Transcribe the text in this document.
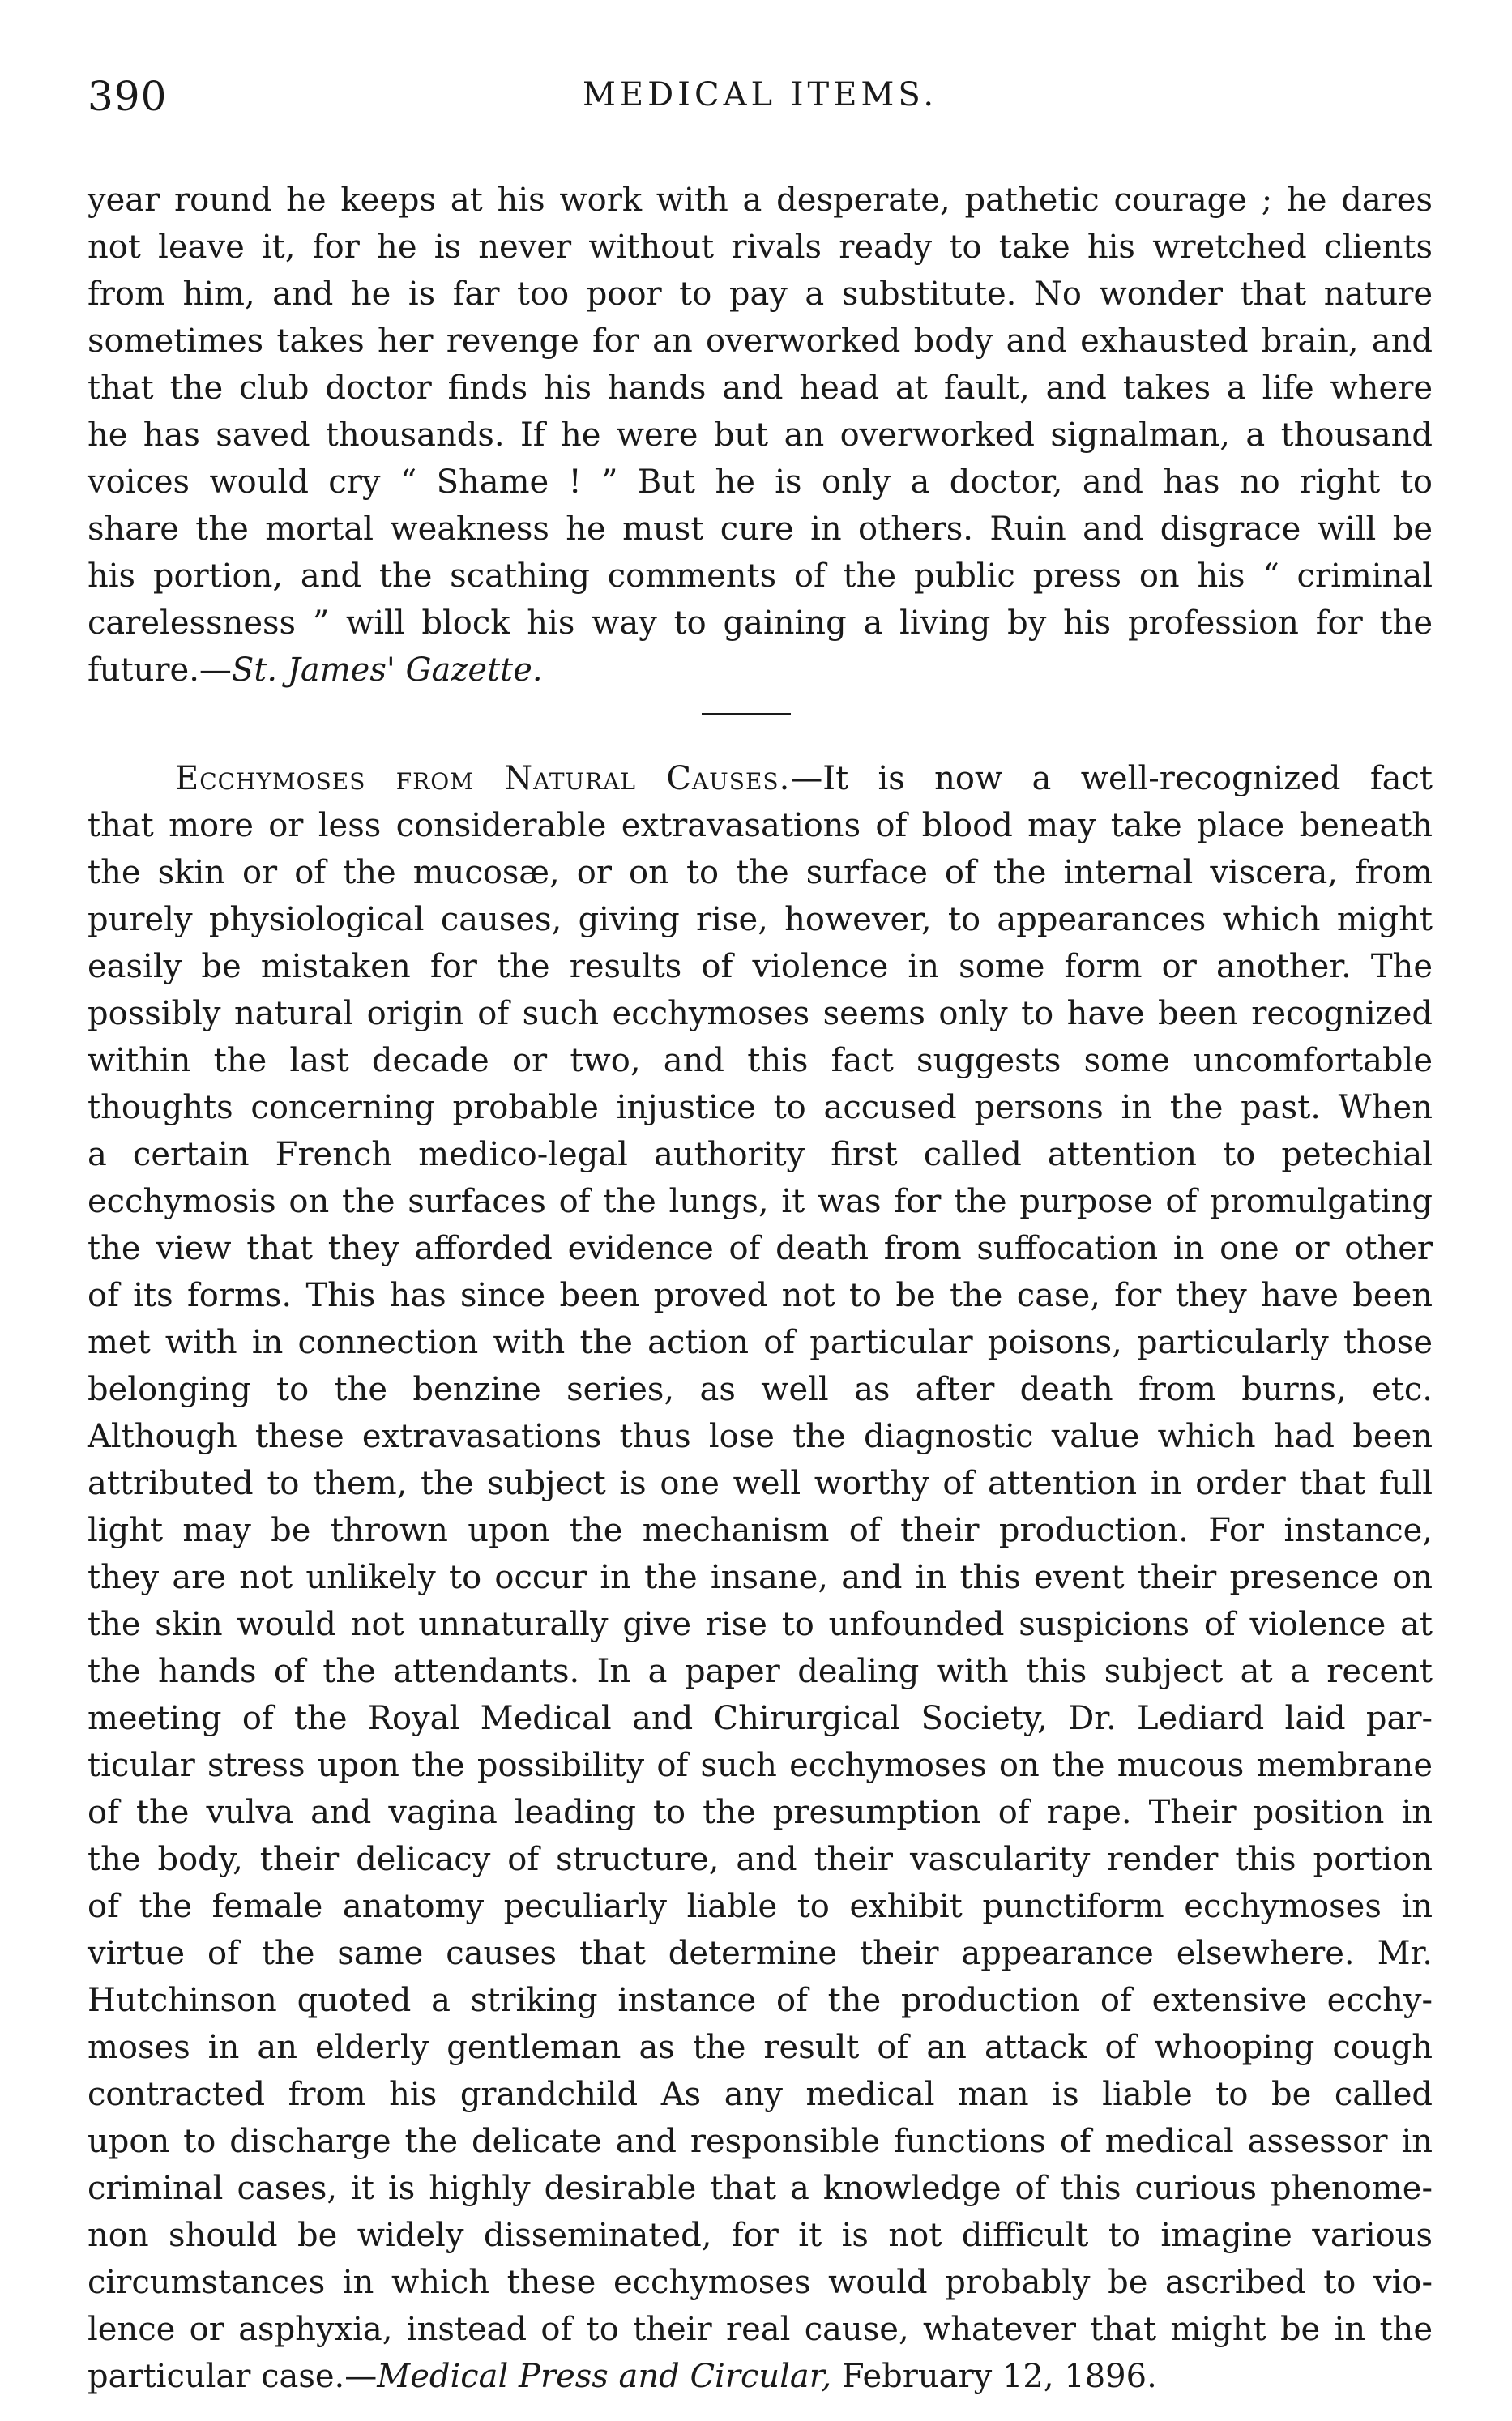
390	MEDICAL ITEMS.
year round he keeps at his work with a desperate, pathetic courage ; he dares
not leave it, for he is never without rivals ready to take his wretched clients
from him, and he is far too poor to pay a substitute. No wonder that nature
sometimes takes her revenge for an overworked body and exhausted brain, and
that the club doctor finds his hands and head at fault, and takes a life where
he has saved thousands. If he were but an overworked signalman, a thousand
voices would cry “ Shame ! ” But he is only a doctor, and has no right to
share the mortal weakness he must cure in others. Ruin and disgrace will be
his portion, and the scathing comments of the public press on his “ criminal
carelessness ” will block his way to gaining a living by his profession for the
future.—St. James' Gazette.
Ecchymoses from Natural Causes.—It is now a well-recognized fact
that more or less considerable extravasations of blood may take place beneath
the skin or of the mucosæ, or on to the surface of the internal viscera, from
purely physiological causes, giving rise, however, to appearances which might
easily be mistaken for the results of violence in some form or another. The
possibly natural origin of such ecchymoses seems only to have been recognized
within the last decade or two, and this fact suggests some uncomfortable
thoughts concerning probable injustice to accused persons in the past. When
a certain French medico-legal authority first called attention to petechial
ecchymosis on the surfaces of the lungs, it was for the purpose of promulgating
the view that they afforded evidence of death from suffocation in one or other
of its forms. This has since been proved not to be the case, for they have been
met with in connection with the action of particular poisons, particularly those
belonging to the benzine series, as well as after death from burns, etc.
Although these extravasations thus lose the diagnostic value which had been
attributed to them, the subject is one well worthy of attention in order that full
light may be thrown upon the mechanism of their production. For instance,
they are not unlikely to occur in the insane, and in this event their presence on
the skin would not unnaturally give rise to unfounded suspicions of violence at
the hands of the attendants. In a paper dealing with this subject at a recent
meeting of the Royal Medical and Chirurgical Society, Dr. Lediard laid par-
ticular stress upon the possibility of such ecchymoses on the mucous membrane
of the vulva and vagina leading to the presumption of rape. Their position in
the body, their delicacy of structure, and their vascularity render this portion
of the female anatomy peculiarly liable to exhibit punctiform ecchymoses in
virtue of the same causes that determine their appearance elsewhere. Mr.
Hutchinson quoted a striking instance of the production of extensive ecchy-
moses in an elderly gentleman as the result of an attack of whooping cough
contracted from his grandchild As any medical man is liable to be called
upon to discharge the delicate and responsible functions of medical assessor in
criminal cases, it is highly desirable that a knowledge of this curious phenome-
non should be widely disseminated, for it is not difficult to imagine various
circumstances in which these ecchymoses would probably be ascribed to vio-
lence or asphyxia, instead of to their real cause, whatever that might be in the
particular case.—Medical Press and Circular, February 12, 1896.
